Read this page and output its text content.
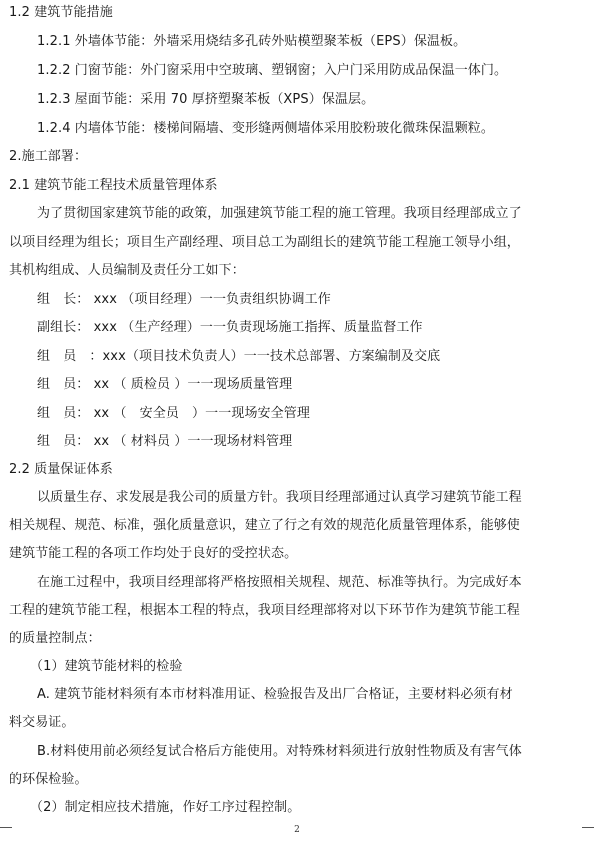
1.2 建筑节能措施
1.2.1 外墙体节能：外墙采用烧结多孔砖外贴模塑聚苯板（EPS）保温板。
1.2.2 门窗节能：外门窗采用中空玻璃、塑钢窗；入户门采用防成品保温一体门。
1.2.3 屋面节能：采用 70 厚挤塑聚苯板（XPS）保温层。
1.2.4 内墙体节能：楼梯间隔墙、变形缝两侧墙体采用胶粉玻化微珠保温颗粒。
2.施工部署：
2.1 建筑节能工程技术质量管理体系
为了贯彻国家建筑节能的政策，加强建筑节能工程的施工管理。我项目经理部成立了
以项目经理为组长；项目生产副经理、项目总工为副组长的建筑节能工程施工领导小组，
其机构组成、人员编制及责任分工如下：
组　长： xxx （项目经理）一一负责组织协调工作
副组长： xxx （生产经理）一一负责现场施工指挥、质量监督工作
组　员　：xxx（项目技术负责人）一一技术总部署、方案编制及交底
组　员： xx （ 质检员 ）一一现场质量管理
组　员： xx （　安全员　）一一现场安全管理
组　员： xx （ 材料员 ）一一现场材料管理
2.2 质量保证体系
以质量生存、求发展是我公司的质量方针。我项目经理部通过认真学习建筑节能工程
相关规程、规范、标准，强化质量意识，建立了行之有效的规范化质量管理体系，能够使
建筑节能工程的各项工作均处于良好的受控状态。
在施工过程中，我项目经理部将严格按照相关规程、规范、标准等执行。为完成好本
工程的建筑节能工程，根据本工程的特点，我项目经理部将对以下环节作为建筑节能工程
的质量控制点：
（1）建筑节能材料的检验
A. 建筑节能材料须有本市材料准用证、检验报告及出厂合格证，主要材料必须有材
料交易证。
B.材料使用前必须经复试合格后方能使用。对特殊材料须进行放射性物质及有害气体
的环保检验。
（2）制定相应技术措施，作好工序过程控制。
2
